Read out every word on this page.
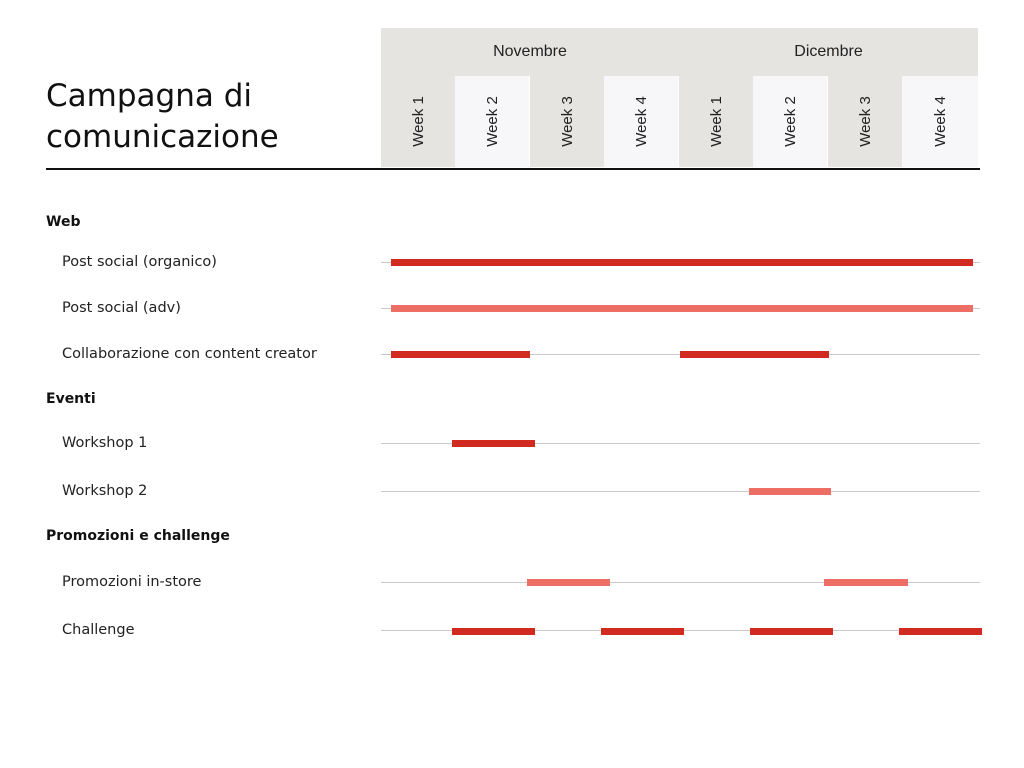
Campagna di
comunicazione
Novembre	Dicembre
Week 1	Week 2	Week 3	Week 4	Week 1	Week 2	Week 3	Week 4
Web
Post social (organico)
Post social (adv)
Collaborazione con content creator
Eventi
Workshop 1
Workshop 2
Promozioni e challenge
Promozioni in-store
Challenge
